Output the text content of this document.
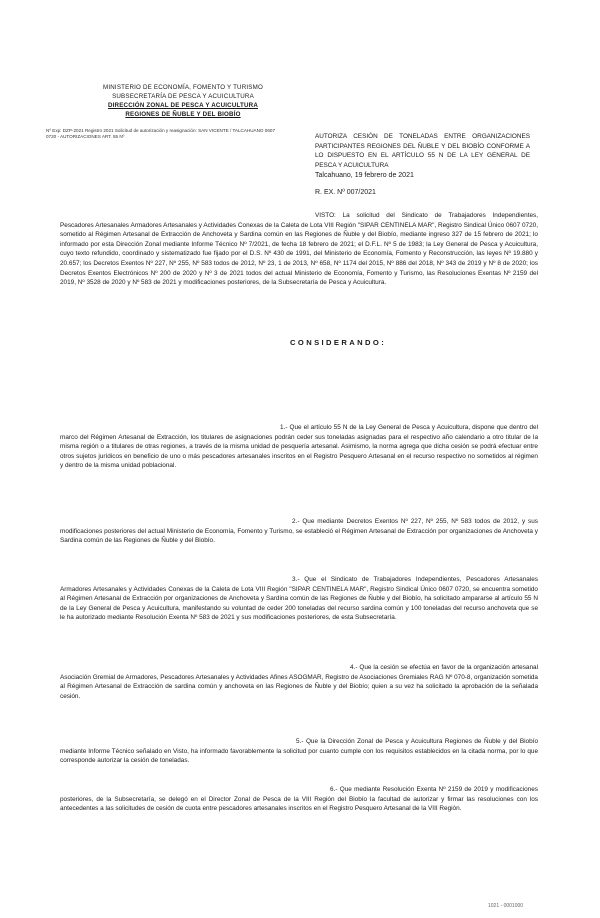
MINISTERIO DE ECONOMÍA, FOMENTO Y TURISMO
SUBSECRETARÍA DE PESCA Y ACUICULTURA
DIRECCIÓN ZONAL DE PESCA Y ACUICULTURA
REGIONES DE ÑUBLE Y DEL BIOBÍO
Nº Exp: DZP-2021 Registro 2021 Solicitud de autorización y reasignación: SAN VICENTE / TALCAHUANO 0607 0720 - AUTORIZACIONES ART. 55 Nº	AUTORIZA CESIÓN DE TONELADAS ENTRE ORGANIZACIONES PARTICIPANTES REGIONES DEL ÑUBLE Y DEL BIOBÍO CONFORME A LO DISPUESTO EN EL ARTÍCULO 55 N DE LA LEY GENERAL DE PESCA Y ACUICULTURA
Talcahuano, 19 febrero de 2021
R. EX. Nº 007/2021
VISTO: La solicitud del Sindicato de Trabajadores Independientes, Pescadores Artesanales Armadores Artesanales y Actividades Conexas de la Caleta de Lota VIII Región "SIPAR CENTINELA MAR", Registro Sindical Único 0607 0720, sometido al Régimen Artesanal de Extracción de Anchoveta y Sardina común en las Regiones de Ñuble y del Biobío, mediante ingreso 327 de 15 febrero de 2021; lo informado por esta Dirección Zonal mediante Informe Técnico Nº 7/2021, de fecha 18 febrero de 2021; el D.F.L. Nº 5 de 1983; la Ley General de Pesca y Acuicultura, cuyo texto refundido, coordinado y sistematizado fue fijado por el D.S. Nº 430 de 1991, del Ministerio de Economía, Fomento y Reconstrucción, las leyes Nº 19.880 y 20.657; los Decretos Exentos Nº 227, Nº 255, Nº 583 todos de 2012, Nº 23, 1 de 2013, Nº 658, Nº 1174 del 2015, Nº 886 del 2018, Nº 343 de 2019 y Nº 8 de 2020; los Decretos Exentos Electrónicos Nº 200 de 2020 y Nº 3 de 2021 todos del actual Ministerio de Economía, Fomento y Turismo, las Resoluciones Exentas Nº 2159 del 2019, Nº 3528 de 2020 y Nº 583 de 2021 y modificaciones posteriores, de la Subsecretaría de Pesca y Acuicultura.
CONSIDERANDO:
1.- Que el artículo 55 N de la Ley General de Pesca y Acuicultura, dispone que dentro del marco del Régimen Artesanal de Extracción, los titulares de asignaciones podrán ceder sus toneladas asignadas para el respectivo año calendario a otro titular de la misma región o a titulares de otras regiones, a través de la misma unidad de pesquería artesanal. Asimismo, la norma agrega que dicha cesión se podrá efectuar entre otros sujetos jurídicos en beneficio de uno o más pescadores artesanales inscritos en el Registro Pesquero Artesanal en el recurso respectivo no sometidos al régimen y dentro de la misma unidad poblacional.
2.- Que mediante Decretos Exentos Nº 227, Nº 255, Nº 583 todos de 2012, y sus modificaciones posteriores del actual Ministerio de Economía, Fomento y Turismo, se estableció el Régimen Artesanal de Extracción por organizaciones de Anchoveta y Sardina común de las Regiones de Ñuble y del Biobío.
3.- Que el Sindicato de Trabajadores Independientes, Pescadores Artesanales Armadores Artesanales y Actividades Conexas de la Caleta de Lota VIII Región "SIPAR CENTINELA MAR", Registro Sindical Único 0607 0720, se encuentra sometido al Régimen Artesanal de Extracción por organizaciones de Anchoveta y Sardina común de las Regiones de Ñuble y del Biobío, ha solicitado ampararse al artículo 55 N de la Ley General de Pesca y Acuicultura, manifestando su voluntad de ceder 200 toneladas del recurso sardina común y 100 toneladas del recurso anchoveta que se le ha autorizado mediante Resolución Exenta Nº 583 de 2021 y sus modificaciones posteriores, de esta Subsecretaría.
4.- Que la cesión se efectúa en favor de la organización artesanal Asociación Gremial de Armadores, Pescadores Artesanales y Actividades Afines ASOGMAR, Registro de Asociaciones Gremiales RAG Nº 070-8, organización sometida al Régimen Artesanal de Extracción de sardina común y anchoveta en las Regiones de Ñuble y del Biobío; quien a su vez ha solicitado la aprobación de la señalada cesión.
5.- Que la Dirección Zonal de Pesca y Acuicultura Regiones de Ñuble y del Biobío mediante Informe Técnico señalado en Visto, ha informado favorablemente la solicitud por cuanto cumple con los requisitos establecidos en la citada norma, por lo que corresponde autorizar la cesión de toneladas.
6.- Que mediante Resolución Exenta Nº 2159 de 2019 y modificaciones posteriores, de la Subsecretaría, se delegó en el Director Zonal de Pesca de la VIII Región del Biobío la facultad de autorizar y firmar las resoluciones con los antecedentes a las solicitudes de cesión de cuota entre pescadores artesanales inscritos en el Registro Pesquero Artesanal de la VIII Región.
1021 - 0001000
